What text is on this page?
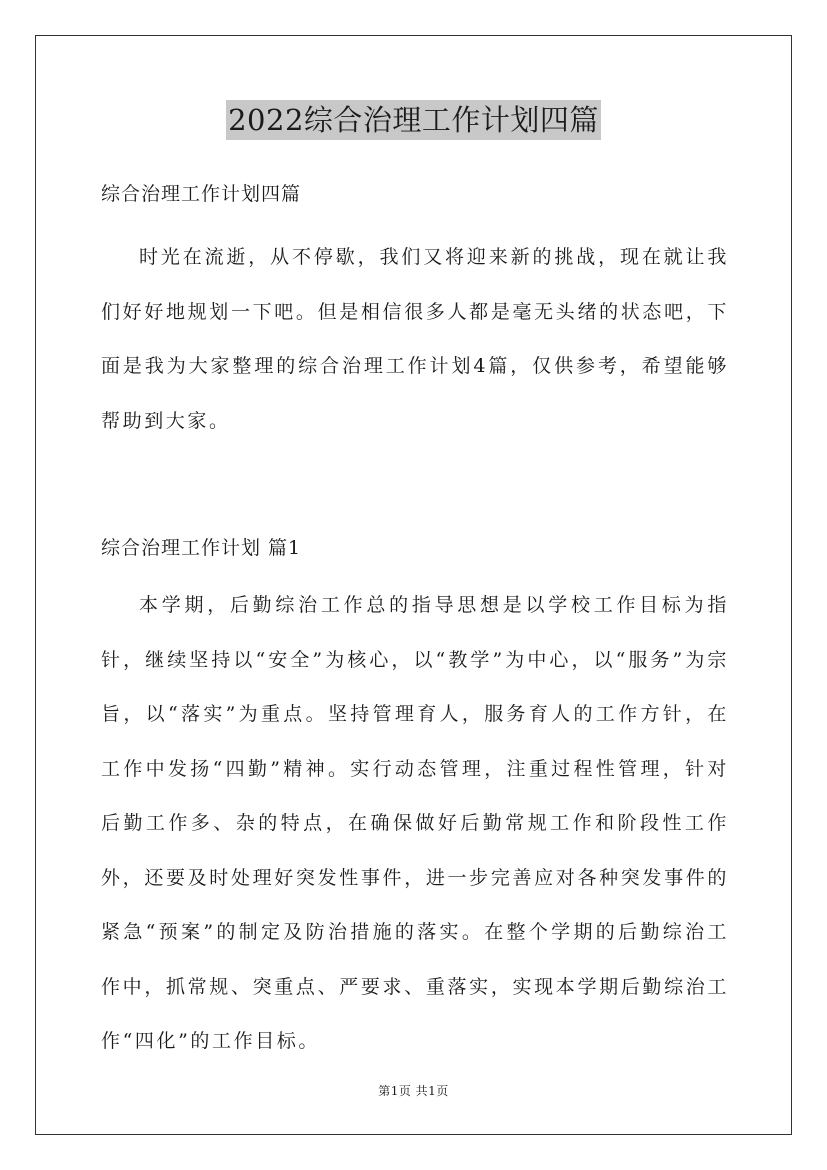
2022综合治理工作计划四篇

综合治理工作计划四篇

时光在流逝，从不停歇，我们又将迎来新的挑战，现在就让我们好好地规划一下吧。但是相信很多人都是毫无头绪的状态吧，下面是我为大家整理的综合治理工作计划4篇，仅供参考，希望能够帮助到大家。

综合治理工作计划 篇1

本学期，后勤综治工作总的指导思想是以学校工作目标为指针，继续坚持以“安全”为核心，以“教学”为中心，以“服务”为宗旨，以“落实”为重点。坚持管理育人，服务育人的工作方针，在工作中发扬“四勤”精神。实行动态管理，注重过程性管理，针对后勤工作多、杂的特点，在确保做好后勤常规工作和阶段性工作外，还要及时处理好突发性事件，进一步完善应对各种突发事件的紧急“预案”的制定及防治措施的落实。在整个学期的后勤综治工作中，抓常规、突重点、严要求、重落实，实现本学期后勤综治工作“四化”的工作目标。

第1页 共1页
